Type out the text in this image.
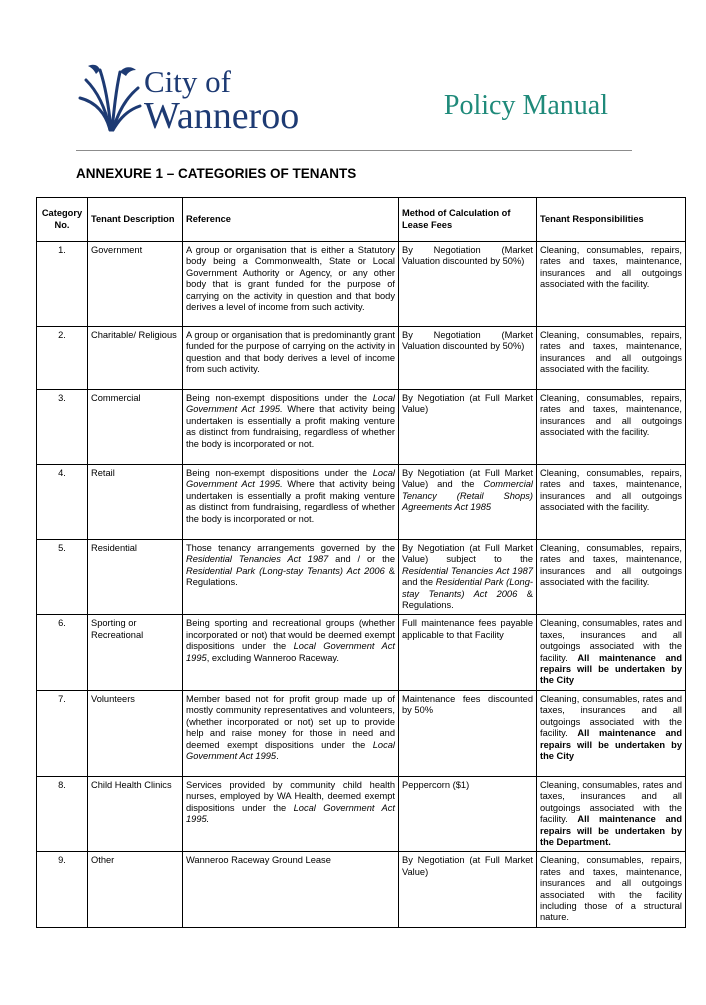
City of
Wanneroo	Policy Manual
ANNEXURE 1 – CATEGORIES OF TENANTS
Category No.	Tenant Description	Reference	Method of Calculation of Lease Fees	Tenant Responsibilities
1.	Government	A group or organisation that is either a Statutory body being a Commonwealth, State or Local Government Authority or Agency, or any other body that is grant funded for the purpose of carrying on the activity in question and that body derives a level of income from such activity.	By Negotiation (Market Valuation discounted by 50%)	Cleaning, consumables, repairs, rates and taxes, maintenance, insurances and all outgoings associated with the facility.
2.	Charitable/ Religious	A group or organisation that is predominantly grant funded for the purpose of carrying on the activity in question and that body derives a level of income from such activity.	By Negotiation (Market Valuation discounted by 50%)	Cleaning, consumables, repairs, rates and taxes, maintenance, insurances and all outgoings associated with the facility.
3.	Commercial	Being non-exempt dispositions under the Local Government Act 1995. Where that activity being undertaken is essentially a profit making venture as distinct from fundraising, regardless of whether the body is incorporated or not.	By Negotiation (at Full Market Value)	Cleaning, consumables, repairs, rates and taxes, maintenance, insurances and all outgoings associated with the facility.
4.	Retail	Being non-exempt dispositions under the Local Government Act 1995. Where that activity being undertaken is essentially a profit making venture as distinct from fundraising, regardless of whether the body is incorporated or not.	By Negotiation (at Full Market Value) and the Commercial Tenancy (Retail Shops) Agreements Act 1985	Cleaning, consumables, repairs, rates and taxes, maintenance, insurances and all outgoings associated with the facility.
5.	Residential	Those tenancy arrangements governed by the Residential Tenancies Act 1987 and / or the Residential Park (Long-stay Tenants) Act 2006 & Regulations.	By Negotiation (at Full Market Value) subject to the Residential Tenancies Act 1987 and the Residential Park (Long-stay Tenants) Act 2006 & Regulations.	Cleaning, consumables, repairs, rates and taxes, maintenance, insurances and all outgoings associated with the facility.
6.	Sporting or Recreational	Being sporting and recreational groups (whether incorporated or not) that would be deemed exempt dispositions under the Local Government Act 1995, excluding Wanneroo Raceway.	Full maintenance fees payable applicable to that Facility	Cleaning, consumables, rates and taxes, insurances and all outgoings associated with the facility. All maintenance and repairs will be undertaken by the City
7.	Volunteers	Member based not for profit group made up of mostly community representatives and volunteers, (whether incorporated or not) set up to provide help and raise money for those in need and deemed exempt dispositions under the Local Government Act 1995.	Maintenance fees discounted by 50%	Cleaning, consumables, rates and taxes, insurances and all outgoings associated with the facility. All maintenance and repairs will be undertaken by the City
8.	Child Health Clinics	Services provided by community child health nurses, employed by WA Health, deemed exempt dispositions under the Local Government Act 1995.	Peppercorn ($1)	Cleaning, consumables, rates and taxes, insurances and all outgoings associated with the facility. All maintenance and repairs will be undertaken by the Department.
9.	Other	Wanneroo Raceway Ground Lease	By Negotiation (at Full Market Value)	Cleaning, consumables, repairs, rates and taxes, maintenance, insurances and all outgoings associated with the facility including those of a structural nature.
